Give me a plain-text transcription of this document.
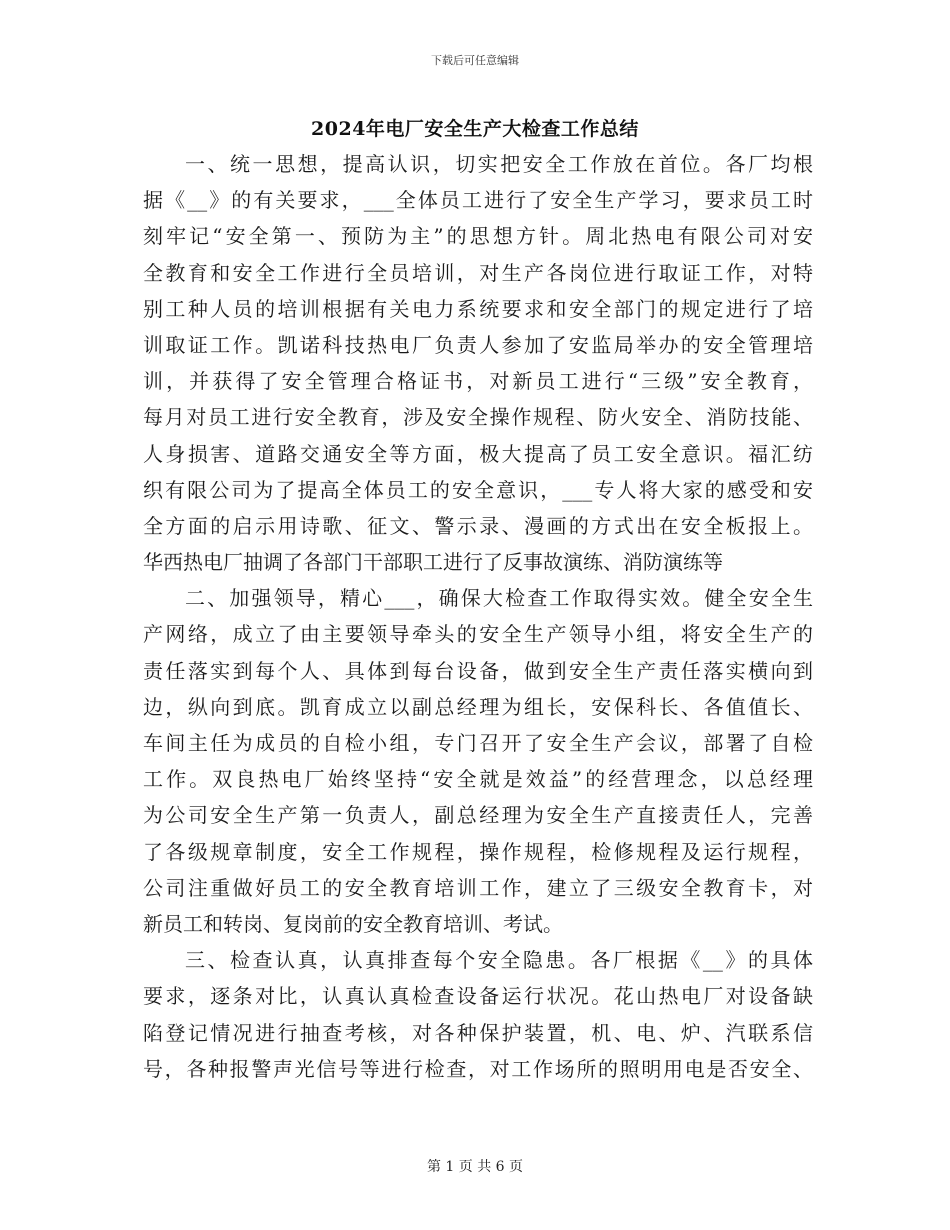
下载后可任意编辑
2024年电厂安全生产大检查工作总结
一、统一思想，提高认识，切实把安全工作放在首位。各厂均根
据《__》的有关要求，___全体员工进行了安全生产学习，要求员工时
刻牢记“安全第一、预防为主”的思想方针。周北热电有限公司对安
全教育和安全工作进行全员培训，对生产各岗位进行取证工作，对特
别工种人员的培训根据有关电力系统要求和安全部门的规定进行了培
训取证工作。凯诺科技热电厂负责人参加了安监局举办的安全管理培
训，并获得了安全管理合格证书，对新员工进行“三级”安全教育，
每月对员工进行安全教育，涉及安全操作规程、防火安全、消防技能、
人身损害、道路交通安全等方面，极大提高了员工安全意识。福汇纺
织有限公司为了提高全体员工的安全意识，___专人将大家的感受和安
全方面的启示用诗歌、征文、警示录、漫画的方式出在安全板报上。
华西热电厂抽调了各部门干部职工进行了反事故演练、消防演练等
二、加强领导，精心___，确保大检查工作取得实效。健全安全生
产网络，成立了由主要领导牵头的安全生产领导小组，将安全生产的
责任落实到每个人、具体到每台设备，做到安全生产责任落实横向到
边，纵向到底。凯育成立以副总经理为组长，安保科长、各值值长、
车间主任为成员的自检小组，专门召开了安全生产会议，部署了自检
工作。双良热电厂始终坚持“安全就是效益”的经营理念，以总经理
为公司安全生产第一负责人，副总经理为安全生产直接责任人，完善
了各级规章制度，安全工作规程，操作规程，检修规程及运行规程，
公司注重做好员工的安全教育培训工作，建立了三级安全教育卡，对
新员工和转岗、复岗前的安全教育培训、考试。
三、检查认真，认真排查每个安全隐患。各厂根据《__》的具体
要求，逐条对比，认真认真检查设备运行状况。花山热电厂对设备缺
陷登记情况进行抽查考核，对各种保护装置，机、电、炉、汽联系信
号，各种报警声光信号等进行检查，对工作场所的照明用电是否安全、
第 1 页 共 6 页
